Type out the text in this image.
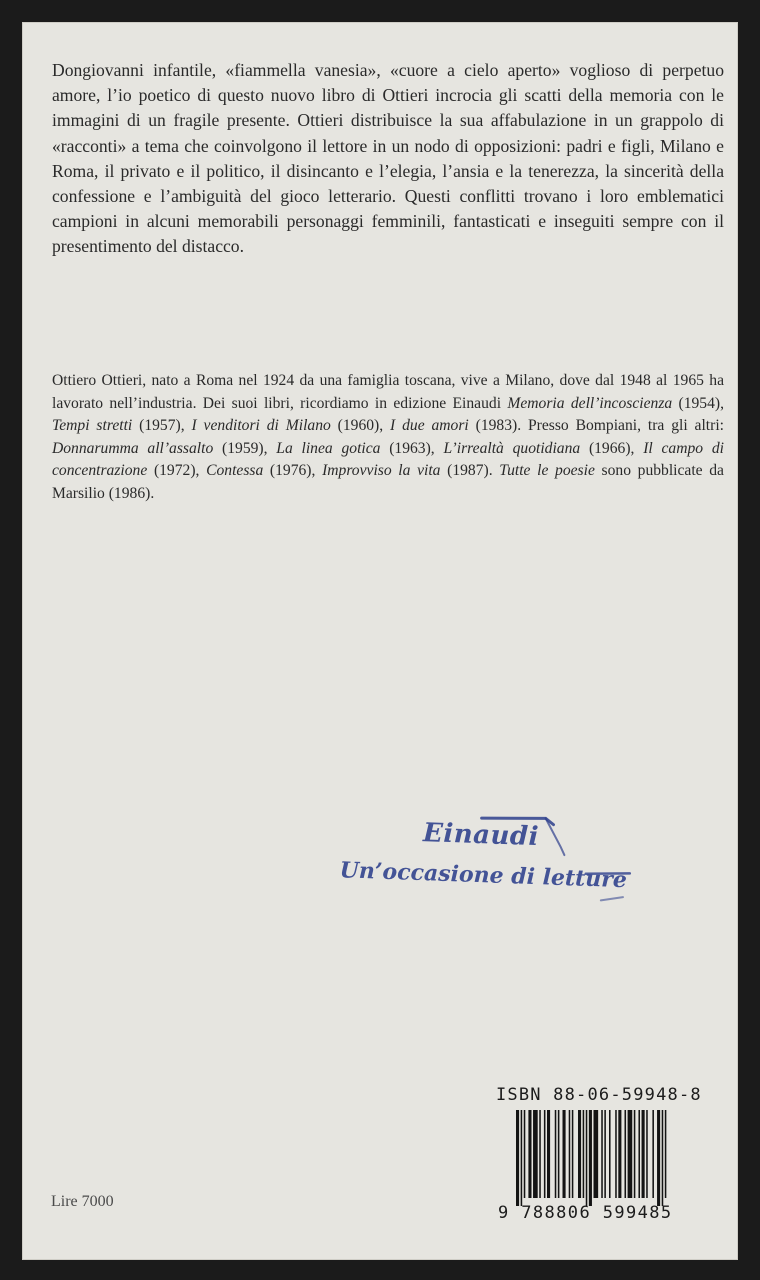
Dongiovanni infantile, «fiammella vanesia», «cuore a cielo aperto» voglioso di perpetuo amore, l’io poetico di questo nuovo libro di Ottieri incrocia gli scatti della memoria con le immagini di un fragile presente. Ottieri distribuisce la sua affabulazione in un grappolo di «racconti» a tema che coinvolgono il lettore in un nodo di opposizioni: padri e figli, Milano e Roma, il privato e il politico, il disincanto e l’elegia, l’ansia e la tenerezza, la sincerità della confessione e l’ambiguità del gioco letterario. Questi conflitti trovano i loro emblematici campioni in alcuni memorabili personaggi femminili, fantasticati e inseguiti sempre con il presentimento del distacco.

Ottiero Ottieri, nato a Roma nel 1924 da una famiglia toscana, vive a Milano, dove dal 1948 al 1965 ha lavorato nell’industria. Dei suoi libri, ricordiamo in edizione Einaudi Memoria dell’incoscienza (1954), Tempi stretti (1957), I venditori di Milano (1960), I due amori (1983). Presso Bompiani, tra gli altri: Donnarumma all’assalto (1959), La linea gotica (1963), L’irrealtà quotidiana (1966), Il campo di concentrazione (1972), Contessa (1976), Improvviso la vita (1987). Tutte le poesie sono pubblicate da Marsilio (1986).

Einaudi
Un’occasione di letture
ISBN 88-06-59948-8
9 788806 599485
Lire 7000
